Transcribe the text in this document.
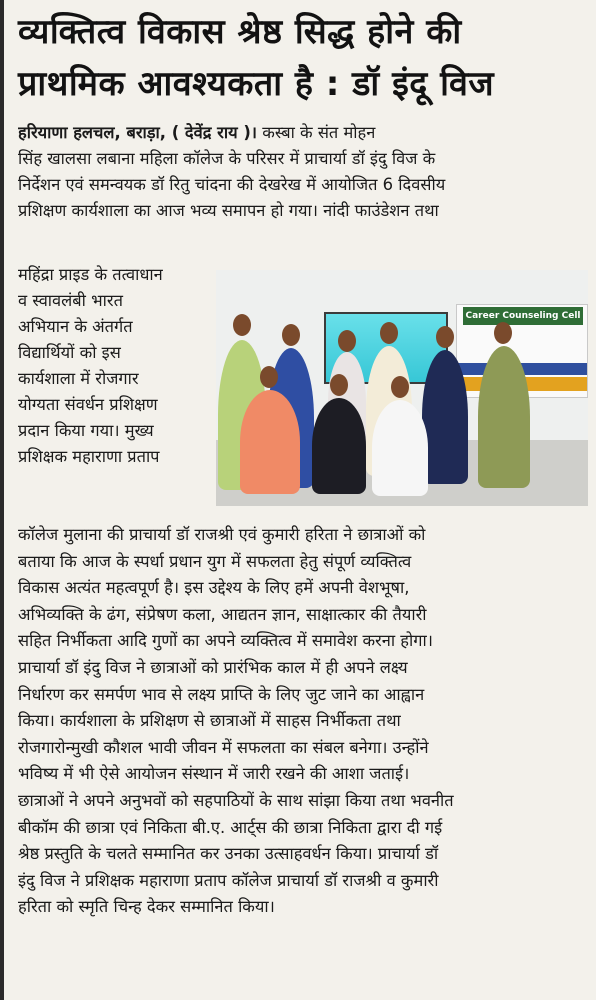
व्यक्तित्व विकास श्रेष्ठ सिद्ध होने की
प्राथमिक आवश्यकता है : डॉ इंदू विज
हरियाणा हलचल, बराड़ा, ( देवेंद्र राय )। कस्बा के संत मोहन
सिंह खालसा लबाना महिला कॉलेज के परिसर में प्राचार्या डॉ इंदु विज के
निर्देशन एवं समन्वयक डॉ रितु चांदना की देखरेख में आयोजित 6 दिवसीय
प्रशिक्षण कार्यशाला का आज भव्य समापन हो गया। नांदी फाउंडेशन तथा
महिंद्रा प्राइड के तत्वाधान
व स्वावलंबी भारत
अभियान के अंतर्गत
विद्यार्थियों को इस
कार्यशाला में रोजगार
योग्यता संवर्धन प्रशिक्षण
प्रदान किया गया। मुख्य
प्रशिक्षक महाराणा प्रताप
Career Counseling Cell
कॉलेज मुलाना की प्राचार्या डॉ राजश्री एवं कुमारी हरिता ने छात्राओं को
बताया कि आज के स्पर्धा प्रधान युग में सफलता हेतु संपूर्ण व्यक्तित्व
विकास अत्यंत महत्वपूर्ण है। इस उद्देश्य के लिए हमें अपनी वेशभूषा,
अभिव्यक्ति के ढंग, संप्रेषण कला, आद्यतन ज्ञान, साक्षात्कार की तैयारी
सहित निर्भीकता आदि गुणों का अपने व्यक्तित्व में समावेश करना होगा।
प्राचार्या डॉ इंदु विज ने छात्राओं को प्रारंभिक काल में ही अपने लक्ष्य
निर्धारण कर समर्पण भाव से लक्ष्य प्राप्ति के लिए जुट जाने का आह्वान
किया। कार्यशाला के प्रशिक्षण से छात्राओं में साहस निर्भीकता तथा
रोजगारोन्मुखी कौशल भावी जीवन में सफलता का संबल बनेगा। उन्होंने
भविष्य में भी ऐसे आयोजन संस्थान में जारी रखने की आशा जताई।
छात्राओं ने अपने अनुभवों को सहपाठियों के साथ सांझा किया तथा भवनीत
बीकॉम की छात्रा एवं निकिता बी.ए. आर्ट्स की छात्रा निकिता द्वारा दी गई
श्रेष्ठ प्रस्तुति के चलते सम्मानित कर उनका उत्साहवर्धन किया। प्राचार्या डॉ
इंदु विज ने प्रशिक्षक महाराणा प्रताप कॉलेज प्राचार्या डॉ राजश्री व कुमारी
हरिता को स्मृति चिन्ह देकर सम्मानित किया।
